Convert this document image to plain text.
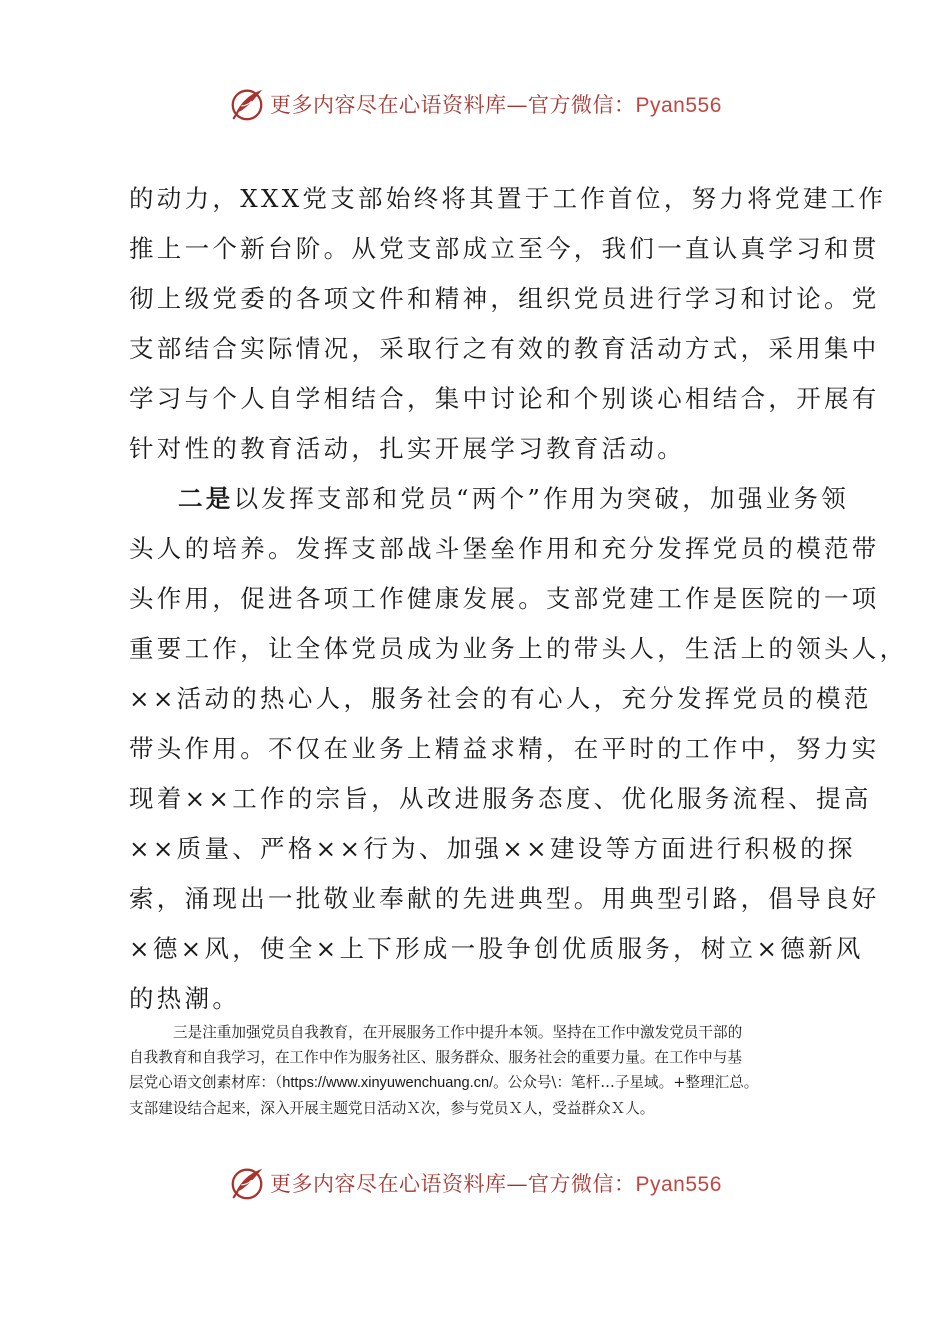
更多内容尽在心语资料库—官方微信：Pyan556

的动力，XXX党支部始终将其置于工作首位，努力将党建工作
推上一个新台阶。从党支部成立至今，我们一直认真学习和贯
彻上级党委的各项文件和精神，组织党员进行学习和讨论。党
支部结合实际情况，采取行之有效的教育活动方式，采用集中
学习与个人自学相结合，集中讨论和个别谈心相结合，开展有
针对性的教育活动，扎实开展学习教育活动。

二是以发挥支部和党员“两个”作用为突破，加强业务领
头人的培养。发挥支部战斗堡垒作用和充分发挥党员的模范带
头作用，促进各项工作健康发展。支部党建工作是医院的一项
重要工作，让全体党员成为业务上的带头人，生活上的领头人，
××活动的热心人，服务社会的有心人，充分发挥党员的模范
带头作用。不仅在业务上精益求精，在平时的工作中，努力实
现着××工作的宗旨，从改进服务态度、优化服务流程、提高
××质量、严格××行为、加强××建设等方面进行积极的探
索，涌现出一批敬业奉献的先进典型。用典型引路，倡导良好
×德×风，使全×上下形成一股争创优质服务，树立×德新风
的热潮。

三是注重加强党员自我教育，在开展服务工作中提升本领。坚持在工作中激发党员干部的
自我教育和自我学习，在工作中作为服务社区、服务群众、服务社会的重要力量。在工作中与基
层党心语文创素材库：（https://www.xinyuwenchuang.cn/。公众号\：笔杆…子星域。+整理汇总。
支部建设结合起来，深入开展主题党日活动Ｘ次，参与党员Ｘ人，受益群众Ｘ人。
更多内容尽在心语资料库—官方微信：Pyan556
